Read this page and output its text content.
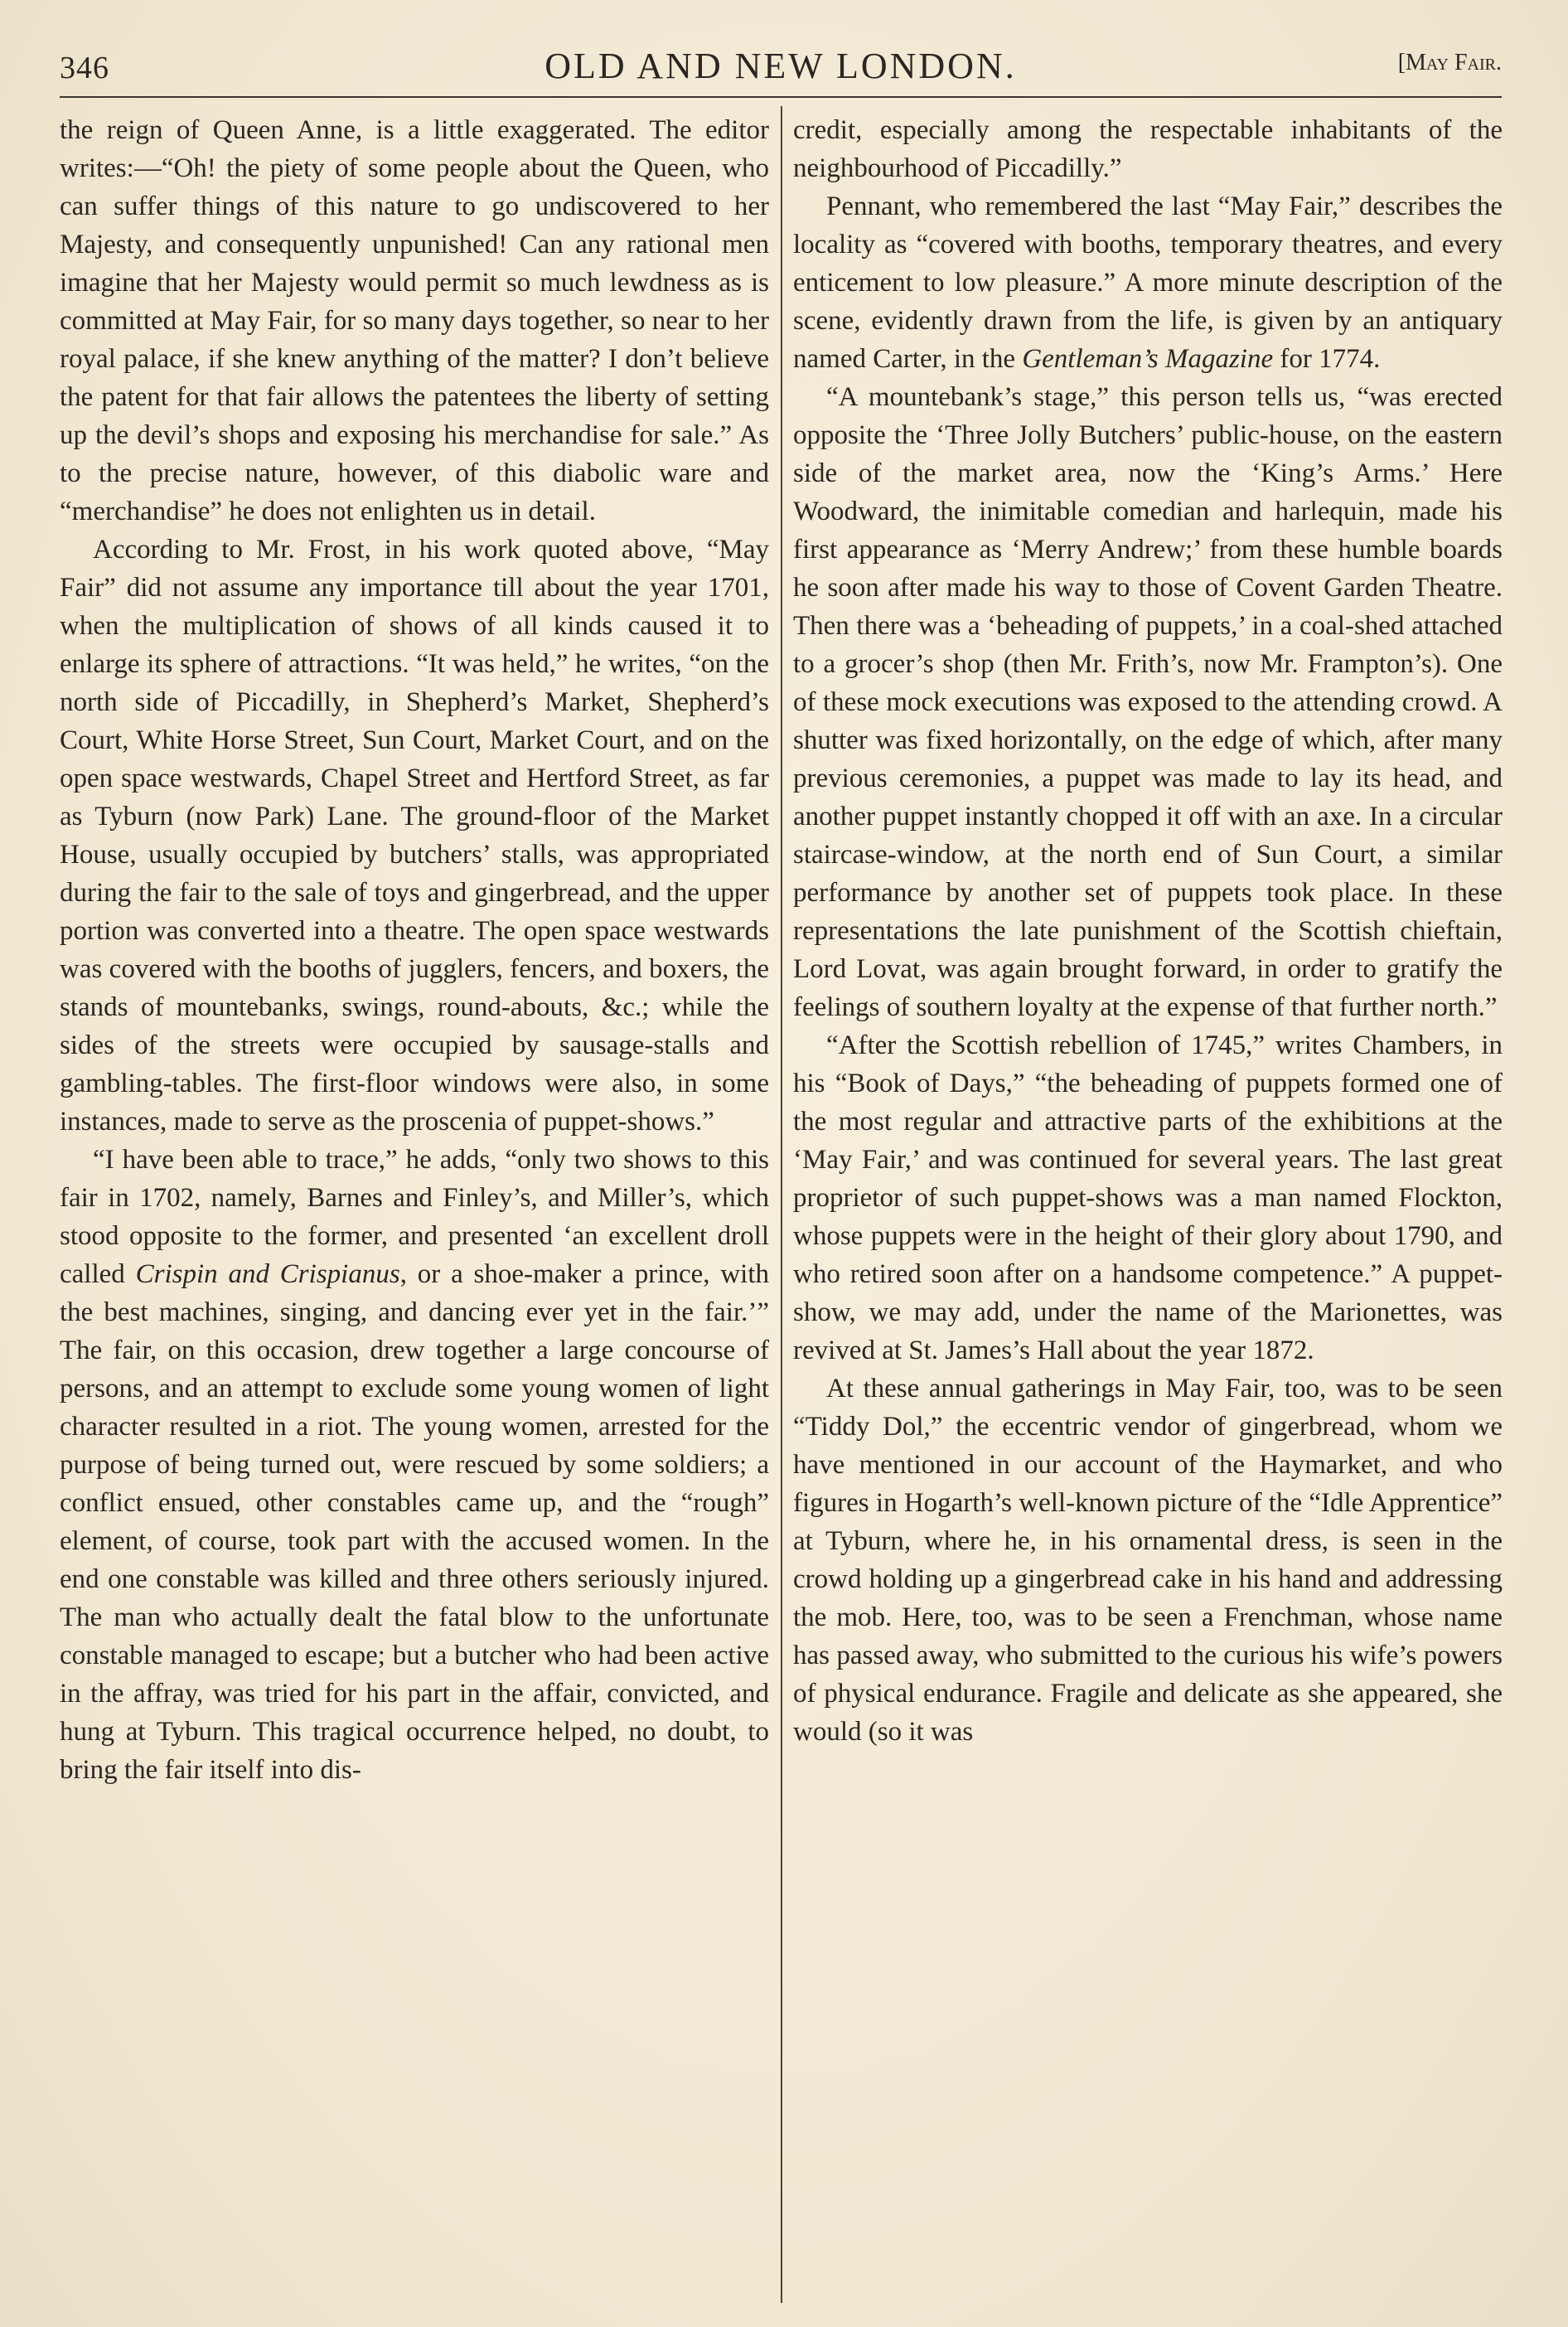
346	OLD AND NEW LONDON.	[May Fair.

the reign of Queen Anne, is a little exaggerated. The editor writes:—“Oh! the piety of some people about the Queen, who can suffer things of this nature to go undiscovered to her Majesty, and consequently unpunished! Can any rational men imagine that her Majesty would permit so much lewdness as is committed at May Fair, for so many days together, so near to her royal palace, if she knew anything of the matter? I don’t believe the patent for that fair allows the patentees the liberty of setting up the devil’s shops and exposing his merchandise for sale.” As to the precise nature, however, of this diabolic ware and “merchandise” he does not enlighten us in detail.

According to Mr. Frost, in his work quoted above, “May Fair” did not assume any importance till about the year 1701, when the multiplication of shows of all kinds caused it to enlarge its sphere of attractions. “It was held,” he writes, “on the north side of Piccadilly, in Shepherd’s Market, Shepherd’s Court, White Horse Street, Sun Court, Market Court, and on the open space westwards, Chapel Street and Hertford Street, as far as Tyburn (now Park) Lane. The ground-floor of the Market House, usually occupied by butchers’ stalls, was appropriated during the fair to the sale of toys and gingerbread, and the upper portion was converted into a theatre. The open space westwards was covered with the booths of jugglers, fencers, and boxers, the stands of mountebanks, swings, round-abouts, &c.; while the sides of the streets were occupied by sausage-stalls and gambling-tables. The first-floor windows were also, in some instances, made to serve as the proscenia of puppet-shows.”

“I have been able to trace,” he adds, “only two shows to this fair in 1702, namely, Barnes and Finley’s, and Miller’s, which stood opposite to the former, and presented ‘an excellent droll called Crispin and Crispianus, or a shoe-maker a prince, with the best machines, singing, and dancing ever yet in the fair.’” The fair, on this occasion, drew together a large concourse of persons, and an attempt to exclude some young women of light character resulted in a riot. The young women, arrested for the purpose of being turned out, were rescued by some soldiers; a conflict ensued, other constables came up, and the “rough” element, of course, took part with the accused women. In the end one constable was killed and three others seriously injured. The man who actually dealt the fatal blow to the unfortunate constable managed to escape; but a butcher who had been active in the affray, was tried for his part in the affair, convicted, and hung at Tyburn. This tragical occurrence helped, no doubt, to bring the fair itself into dis-

credit, especially among the respectable inhabitants of the neighbourhood of Piccadilly.”

Pennant, who remembered the last “May Fair,” describes the locality as “covered with booths, temporary theatres, and every enticement to low pleasure.” A more minute description of the scene, evidently drawn from the life, is given by an antiquary named Carter, in the Gentleman’s Magazine for 1774.

“A mountebank’s stage,” this person tells us, “was erected opposite the ‘Three Jolly Butchers’ public-house, on the eastern side of the market area, now the ‘King’s Arms.’ Here Woodward, the inimitable comedian and harlequin, made his first appearance as ‘Merry Andrew;’ from these humble boards he soon after made his way to those of Covent Garden Theatre. Then there was a ‘beheading of puppets,’ in a coal-shed attached to a grocer’s shop (then Mr. Frith’s, now Mr. Frampton’s). One of these mock executions was exposed to the attending crowd. A shutter was fixed horizontally, on the edge of which, after many previous ceremonies, a puppet was made to lay its head, and another puppet instantly chopped it off with an axe. In a circular staircase-window, at the north end of Sun Court, a similar performance by another set of puppets took place. In these representations the late punishment of the Scottish chieftain, Lord Lovat, was again brought forward, in order to gratify the feelings of southern loyalty at the expense of that further north.”

“After the Scottish rebellion of 1745,” writes Chambers, in his “Book of Days,” “the beheading of puppets formed one of the most regular and attractive parts of the exhibitions at the ‘May Fair,’ and was continued for several years. The last great proprietor of such puppet-shows was a man named Flockton, whose puppets were in the height of their glory about 1790, and who retired soon after on a handsome competence.” A puppet-show, we may add, under the name of the Marionettes, was revived at St. James’s Hall about the year 1872.

At these annual gatherings in May Fair, too, was to be seen “Tiddy Dol,” the eccentric vendor of gingerbread, whom we have mentioned in our account of the Haymarket, and who figures in Hogarth’s well-known picture of the “Idle Apprentice” at Tyburn, where he, in his ornamental dress, is seen in the crowd holding up a gingerbread cake in his hand and addressing the mob. Here, too, was to be seen a Frenchman, whose name has passed away, who submitted to the curious his wife’s powers of physical endurance. Fragile and delicate as she appeared, she would (so it was
